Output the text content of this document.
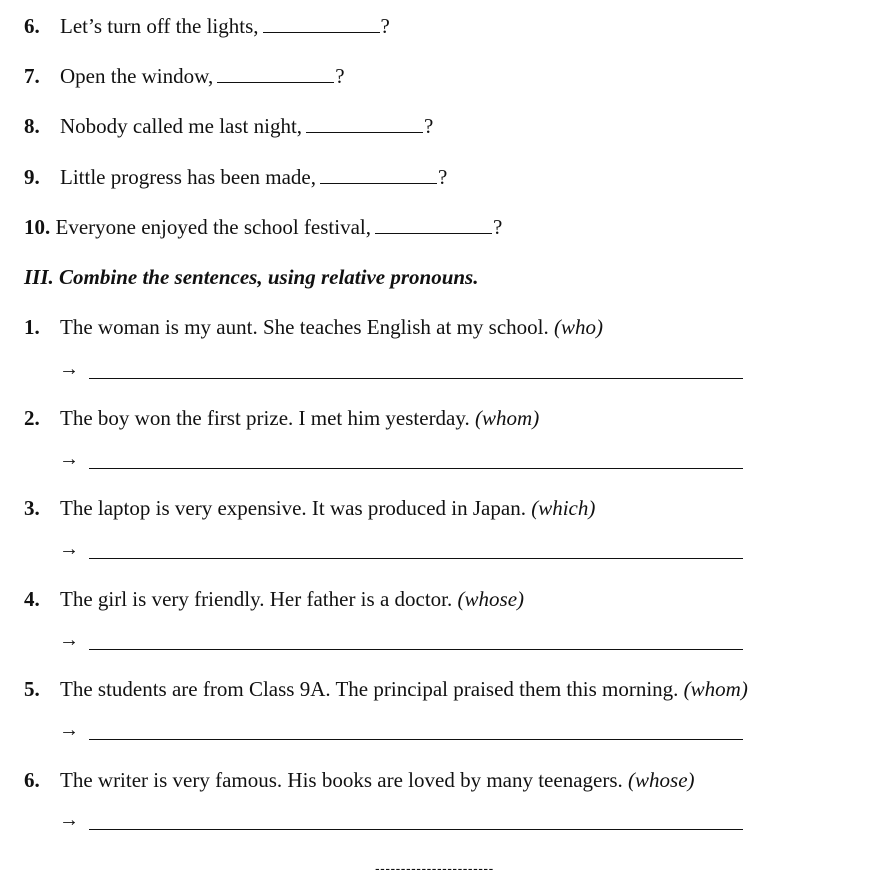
6. Let’s turn off the lights,	?
7. Open the window,	?
8. Nobody called me last night,	?
9. Little progress has been made,	?
10. Everyone enjoyed the school festival,	?
III. Combine the sentences, using relative pronouns.
1. The woman is my aunt. She teaches English at my school. (who)
→
2. The boy won the first prize. I met him yesterday. (whom)
→
3. The laptop is very expensive. It was produced in Japan. (which)
→
4. The girl is very friendly. Her father is a doctor. (whose)
→
5. The students are from Class 9A. The principal praised them this morning. (whom)
→
6. The writer is very famous. His books are loved by many teenagers. (whose)
→
-----------------------
